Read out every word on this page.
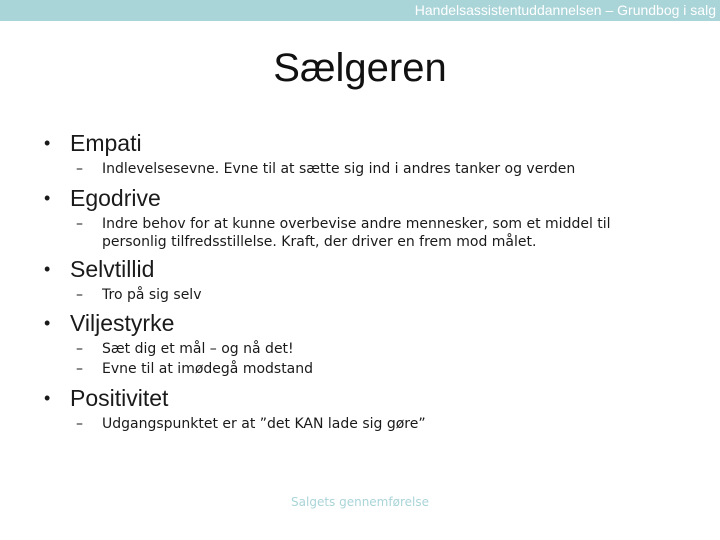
Handelsassistentuddannelsen – Grundbog i salg
Sælgeren
• Empati
– Indlevelsesevne. Evne til at sætte sig ind i andres tanker og verden
• Egodrive
– Indre behov for at kunne overbevise andre mennesker, som et middel til personlig tilfredsstillelse. Kraft, der driver en frem mod målet.
• Selvtillid
– Tro på sig selv
• Viljestyrke
– Sæt dig et mål – og nå det!
– Evne til at imødegå modstand
• Positivitet
– Udgangspunktet er at ”det KAN lade sig gøre”
Salgets gennemførelse
